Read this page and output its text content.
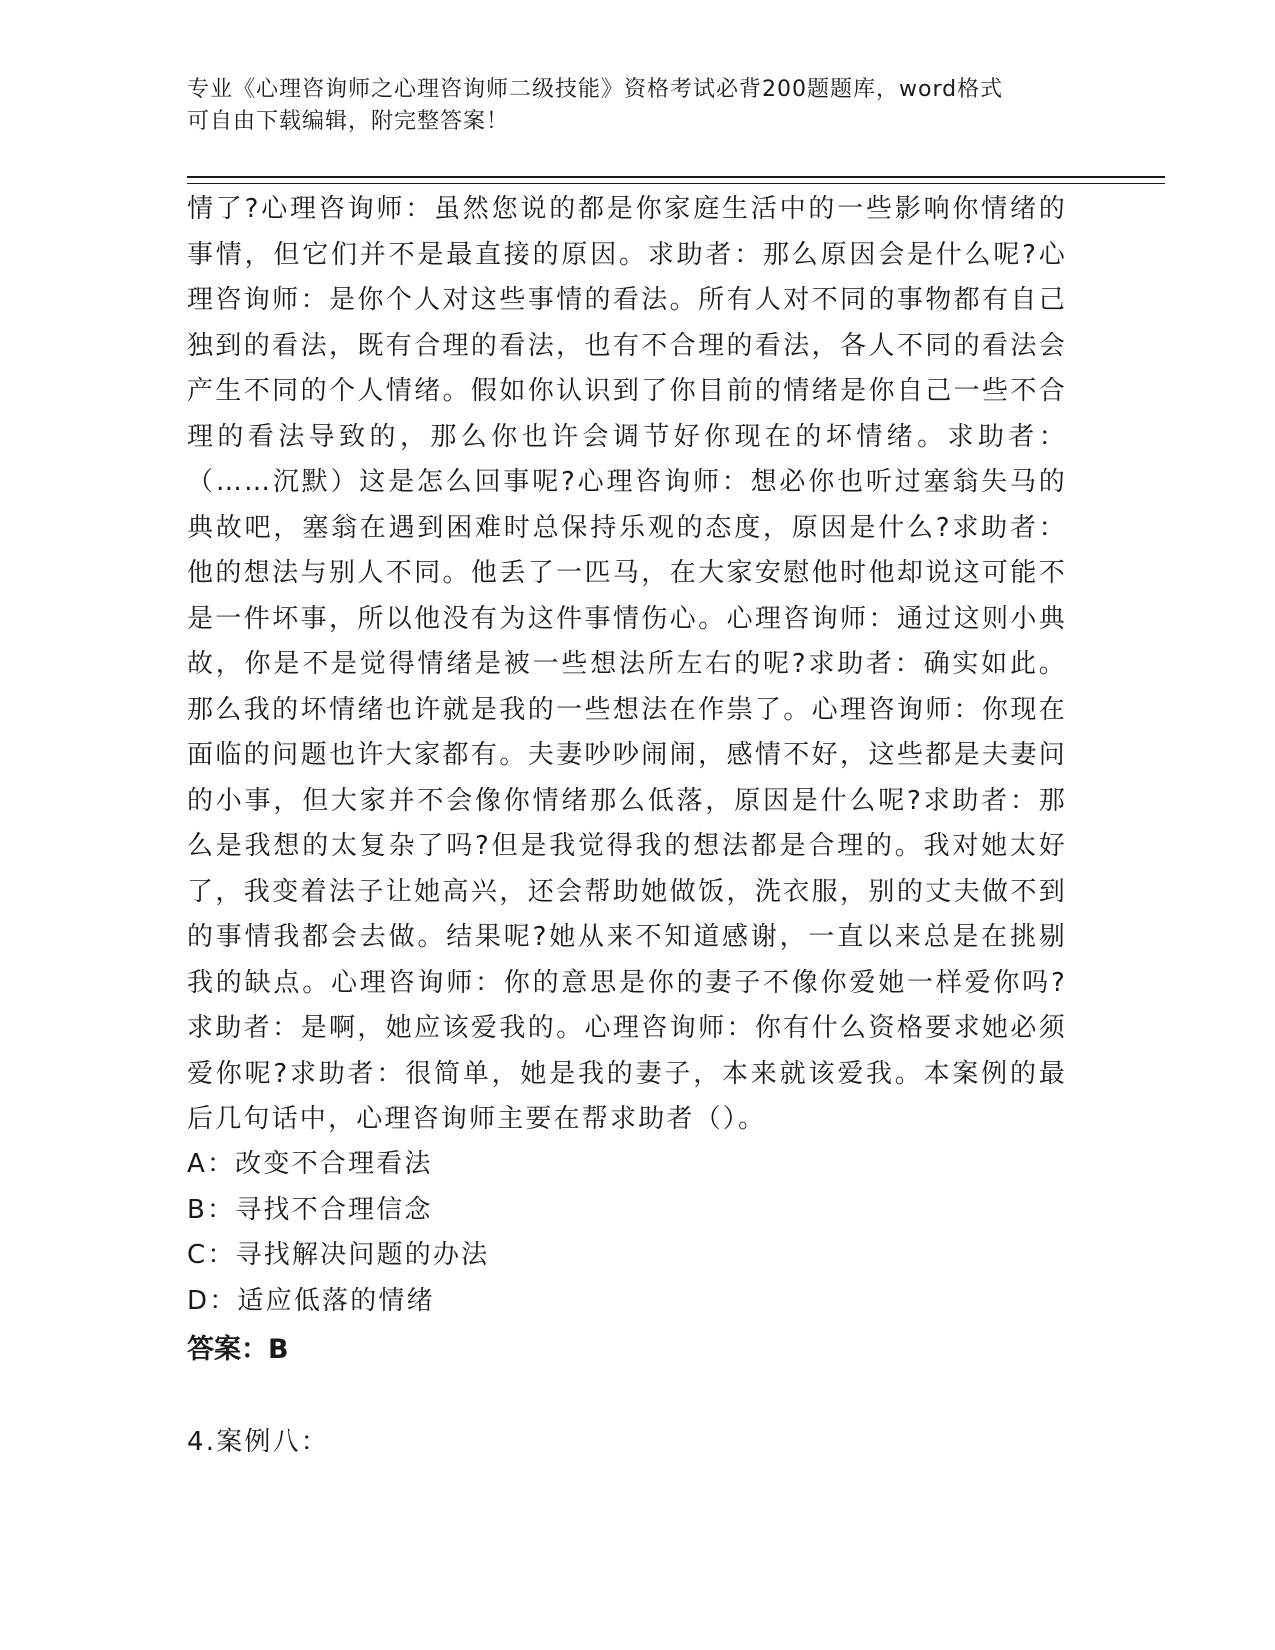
专业《心理咨询师之心理咨询师二级技能》资格考试必背200题题库，word格式
可自由下载编辑，附完整答案！
情了?心理咨询师：虽然您说的都是你家庭生活中的一些影响你情绪的事情，但它们并不是最直接的原因。求助者：那么原因会是什么呢?心理咨询师：是你个人对这些事情的看法。所有人对不同的事物都有自己独到的看法，既有合理的看法，也有不合理的看法，各人不同的看法会产生不同的个人情绪。假如你认识到了你目前的情绪是你自己一些不合理的看法导致的，那么你也许会调节好你现在的坏情绪。求助者：（……沉默）这是怎么回事呢?心理咨询师：想必你也听过塞翁失马的典故吧，塞翁在遇到困难时总保持乐观的态度，原因是什么?求助者：他的想法与别人不同。他丢了一匹马，在大家安慰他时他却说这可能不是一件坏事，所以他没有为这件事情伤心。心理咨询师：通过这则小典故，你是不是觉得情绪是被一些想法所左右的呢?求助者：确实如此。那么我的坏情绪也许就是我的一些想法在作祟了。心理咨询师：你现在面临的问题也许大家都有。夫妻吵吵闹闹，感情不好，这些都是夫妻问的小事，但大家并不会像你情绪那么低落，原因是什么呢?求助者：那么是我想的太复杂了吗?但是我觉得我的想法都是合理的。我对她太好了，我变着法子让她高兴，还会帮助她做饭，洗衣服，别的丈夫做不到的事情我都会去做。结果呢?她从来不知道感谢，一直以来总是在挑剔我的缺点。心理咨询师：你的意思是你的妻子不像你爱她一样爱你吗?求助者：是啊，她应该爱我的。心理咨询师：你有什么资格要求她必须爱你呢?求助者：很简单，她是我的妻子，本来就该爱我。本案例的最后几句话中，心理咨询师主要在帮求助者（）。
A：改变不合理看法
B：寻找不合理信念
C：寻找解决问题的办法
D：适应低落的情绪
答案：B
4.案例八：
